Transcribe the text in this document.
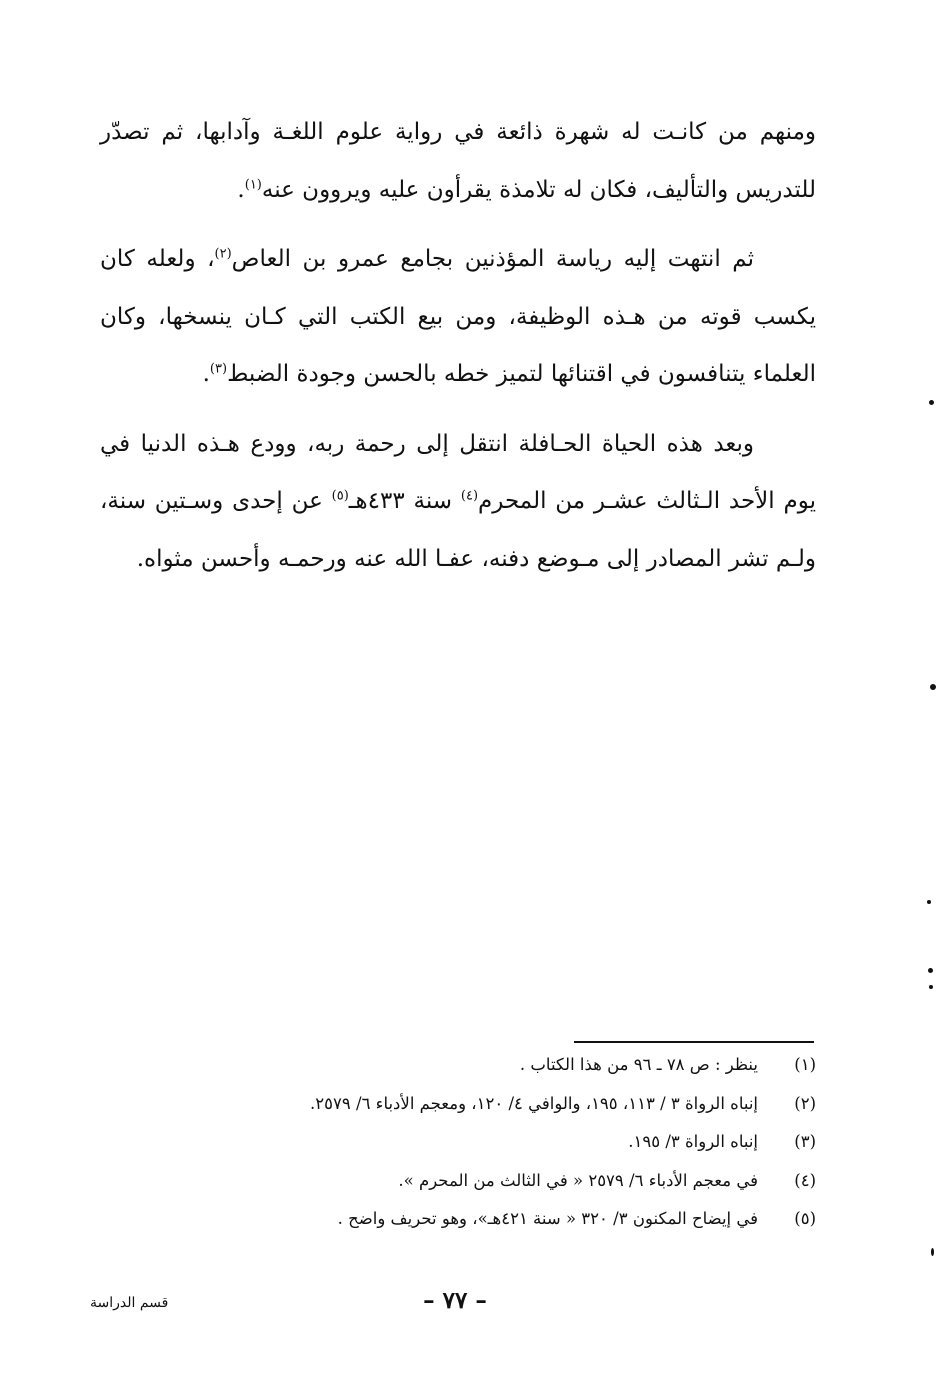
ومنهم من كانـت له شهرة ذائعة في رواية علوم اللغـة وآدابها، ثم تصدّر للتدريس والتأليف، فكان له تلامذة يقرأون عليه ويروون عنه$^{(١)}$.

ثم انتهت إليه رياسة المؤذنين بجامع عمرو بن العاص$^{(٢)}$، ولعله كان يكسب قوته من هـذه الوظيفة، ومن بيع الكتب التي كـان ينسخها، وكان العلماء يتنافسون في اقتنائها لتميز خطه بالحسن وجودة الضبط$^{(٣)}$.

وبعد هذه الحياة الحـافلة انتقل إلى رحمة ربه، وودع هـذه الدنيا في يوم الأحد الـثالث عشـر من المحرم$^{(٤)}$ سنة ٤٣٣هـ$^{(٥)}$ عن إحدى وسـتين سنة، ولـم تشر المصادر إلى مـوضع دفنه، عفـا الله عنه ورحمـه وأحسن مثواه.

(١)
ينظر : ص ٧٨ ـ ٩٦ من هذا الكتاب .
(٢)
إنباه الرواة ٣ / ١١٣، ١٩٥، والوافي ٤/ ١٢٠، ومعجم الأدباء ٦/ ٢٥٧٩.
(٣)
إنباه الرواة ٣/ ١٩٥.
(٤)
في معجم الأدباء ٦/ ٢٥٧٩ « في الثالث من المحرم ».
(٥)
في إيضاح المكنون ٣/ ٣٢٠ « سنة ٤٢١هـ»، وهو تحريف واضح .
– ٧٧ –
قسم الدراسة
